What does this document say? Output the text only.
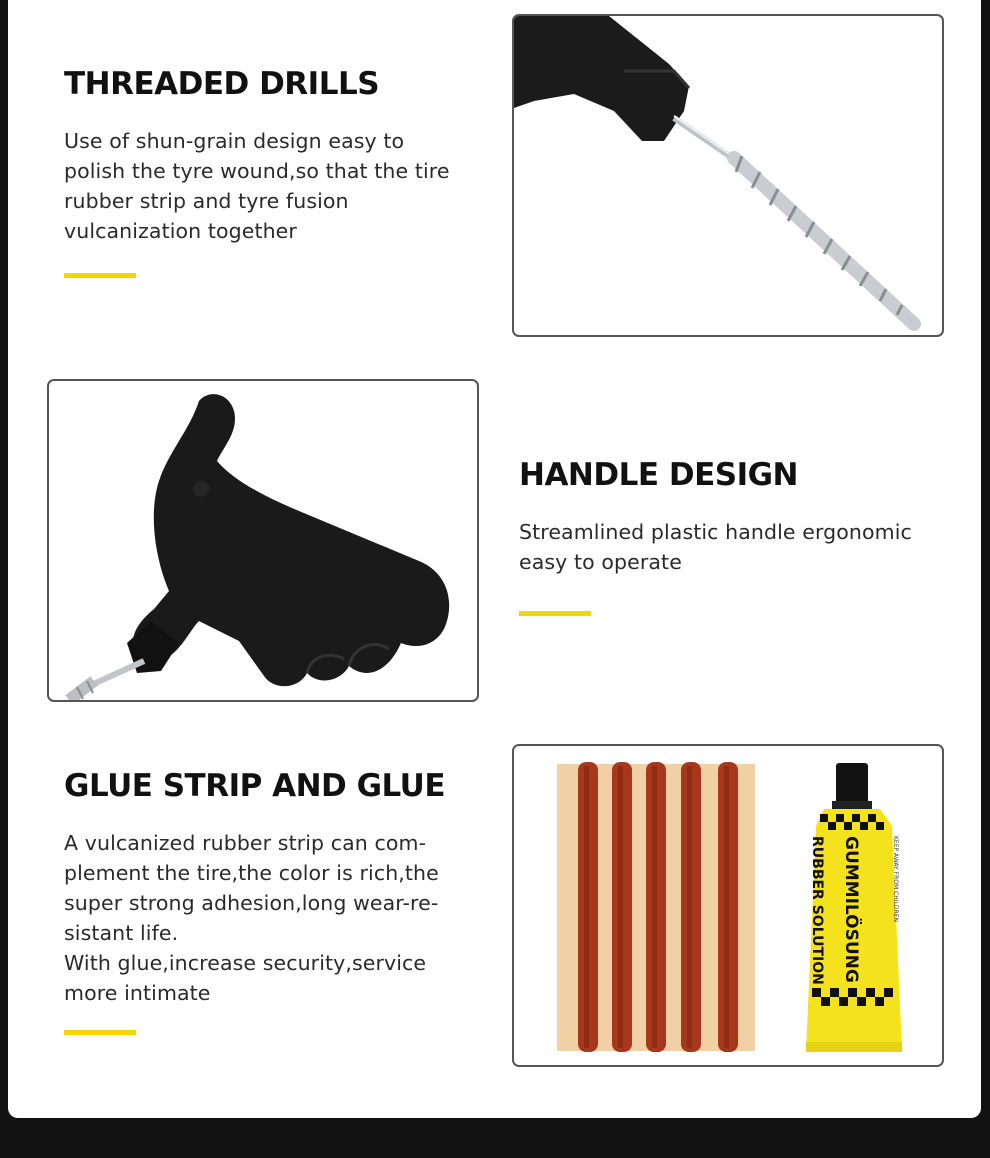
THREADED DRILLS

Use of shun-grain design easy to
polish the tyre wound,so that the tire
rubber strip and tyre fusion
vulcanization together

HANDLE DESIGN

Streamlined plastic handle ergonomic
easy to operate

GLUE STRIP AND GLUE

A vulcanized rubber strip can com-
plement the tire,the color is rich,the
super strong adhesion,long wear-re-
sistant life.
With glue,increase security,service
more intimate

GUMMILÖSUNG
RUBBER SOLUTION	KEEP AWAY FROM CHILDREN
